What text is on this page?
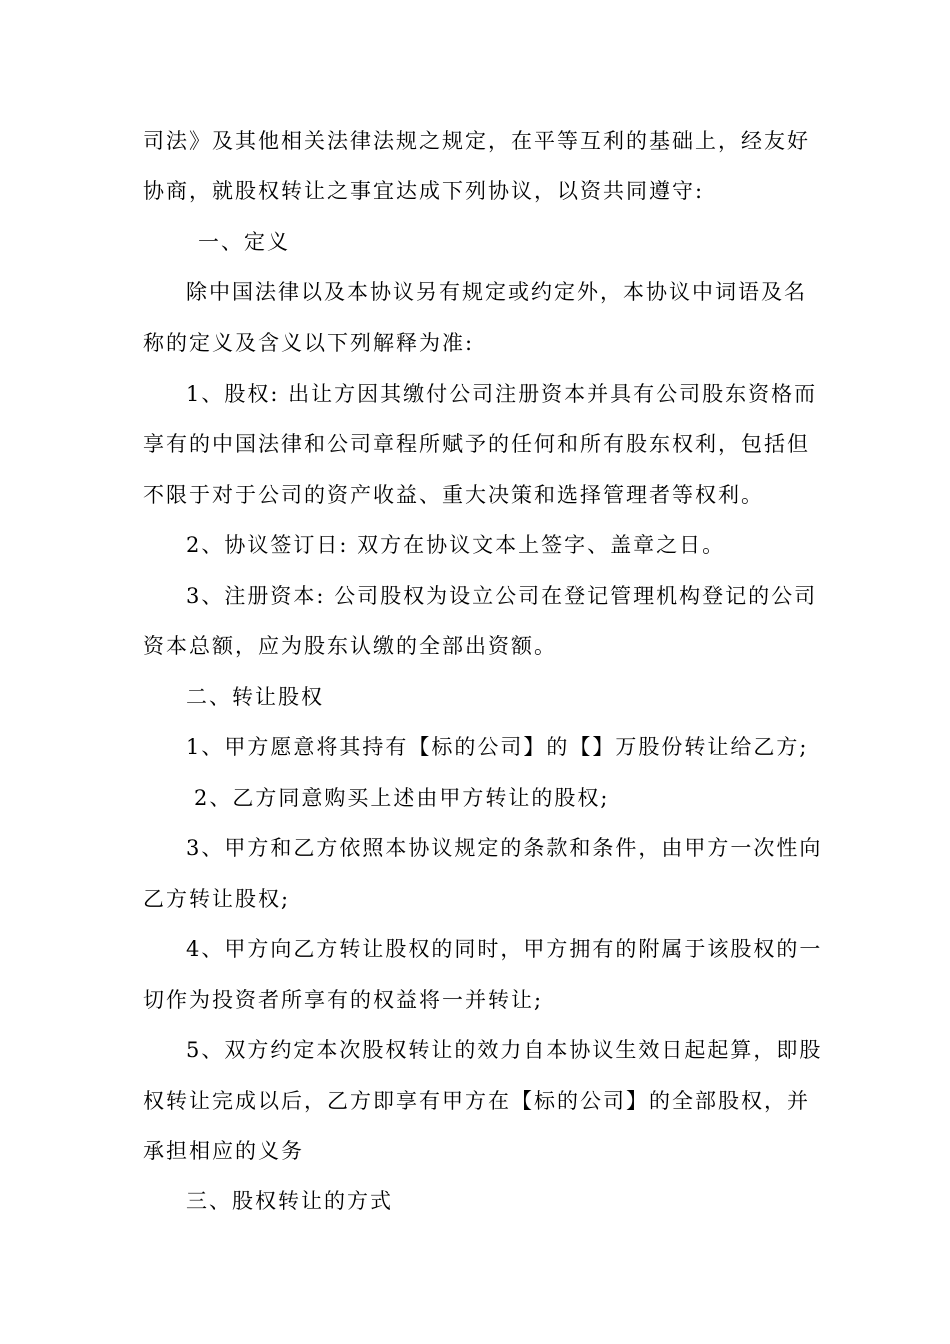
司法》及其他相关法律法规之规定，在平等互利的基础上，经友好
协商，就股权转让之事宜达成下列协议，以资共同遵守:
一、定义
除中国法律以及本协议另有规定或约定外，本协议中词语及名
称的定义及含义以下列解释为准:
1、股权: 出让方因其缴付公司注册资本并具有公司股东资格而
享有的中国法律和公司章程所赋予的任何和所有股东权利，包括但
不限于对于公司的资产收益、重大决策和选择管理者等权利。
2、协议签订日: 双方在协议文本上签字、盖章之日。
3、注册资本: 公司股权为设立公司在登记管理机构登记的公司
资本总额，应为股东认缴的全部出资额。
二、转让股权
1、甲方愿意将其持有【标的公司】的【】万股份转让给乙方;
2、乙方同意购买上述由甲方转让的股权;
3、甲方和乙方依照本协议规定的条款和条件，由甲方一次性向
乙方转让股权;
4、甲方向乙方转让股权的同时，甲方拥有的附属于该股权的一
切作为投资者所享有的权益将一并转让;
5、双方约定本次股权转让的效力自本协议生效日起起算，即股
权转让完成以后，乙方即享有甲方在【标的公司】的全部股权，并
承担相应的义务
三、股权转让的方式
